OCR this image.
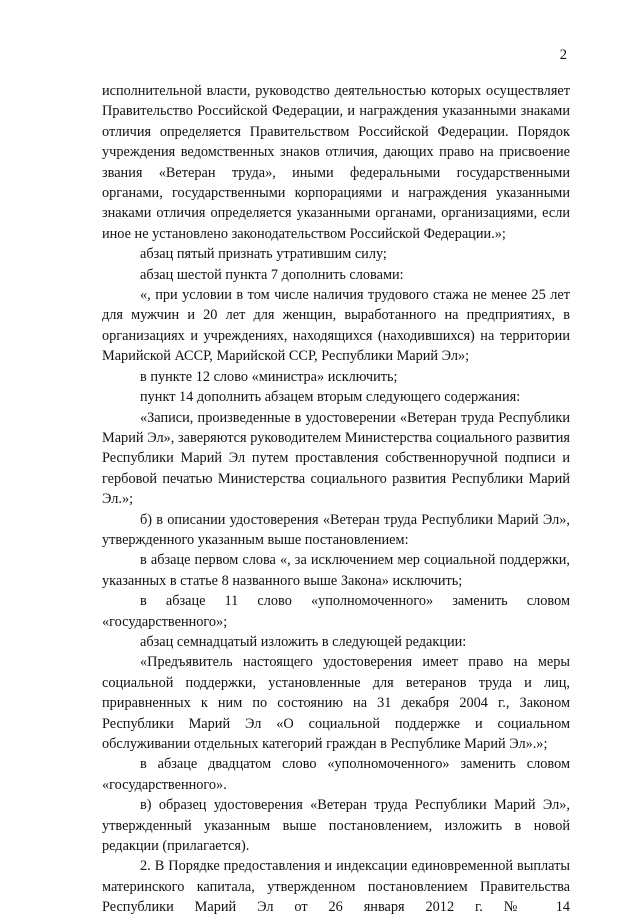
2

исполнительной власти, руководство деятельностью которых осуществляет Правительство Российской Федерации, и награждения указанными знаками отличия определяется Правительством Российской Федерации. Порядок учреждения ведомственных знаков отличия, дающих право на присвоение звания «Ветеран труда», иными федеральными государственными органами, государственными корпорациями и награждения указанными знаками отличия определяется указанными органами, организациями, если иное не установлено законодательством Российской Федерации.»;

абзац пятый признать утратившим силу;

абзац шестой пункта 7 дополнить словами:

«, при условии в том числе наличия трудового стажа не менее 25 лет для мужчин и 20 лет для женщин, выработанного на предприятиях, в организациях и учреждениях, находящихся (находившихся) на территории Марийской АССР, Марийской ССР, Республики Марий Эл»;

в пункте 12 слово «министра» исключить;

пункт 14 дополнить абзацем вторым следующего содержания:

«Записи, произведенные в удостоверении «Ветеран труда Республики Марий Эл», заверяются руководителем Министерства социального развития Республики Марий Эл путем проставления собственноручной подписи и гербовой печатью Министерства социального развития Республики Марий Эл.»;

б) в описании удостоверения «Ветеран труда Республики Марий Эл», утвержденного указанным выше постановлением:

в абзаце первом слова «, за исключением мер социальной поддержки, указанных в статье 8 названного выше Закона» исключить;

в абзаце 11 слово «уполномоченного» заменить словом «государственного»;

абзац семнадцатый изложить в следующей редакции:

«Предъявитель настоящего удостоверения имеет право на меры социальной поддержки, установленные для ветеранов труда и лиц, приравненных к ним по состоянию на 31 декабря 2004 г., Законом Республики Марий Эл «О социальной поддержке и социальном обслуживании отдельных категорий граждан в Республике Марий Эл».»;

в абзаце двадцатом слово «уполномоченного» заменить словом «государственного».

в) образец удостоверения «Ветеран труда Республики Марий Эл», утвержденный указанным выше постановлением, изложить в новой редакции (прилагается).

2. В Порядке предоставления и индексации единовременной выплаты материнского капитала, утвержденном постановлением Правительства Республики Марий Эл от 26 января 2012 г. № 14
